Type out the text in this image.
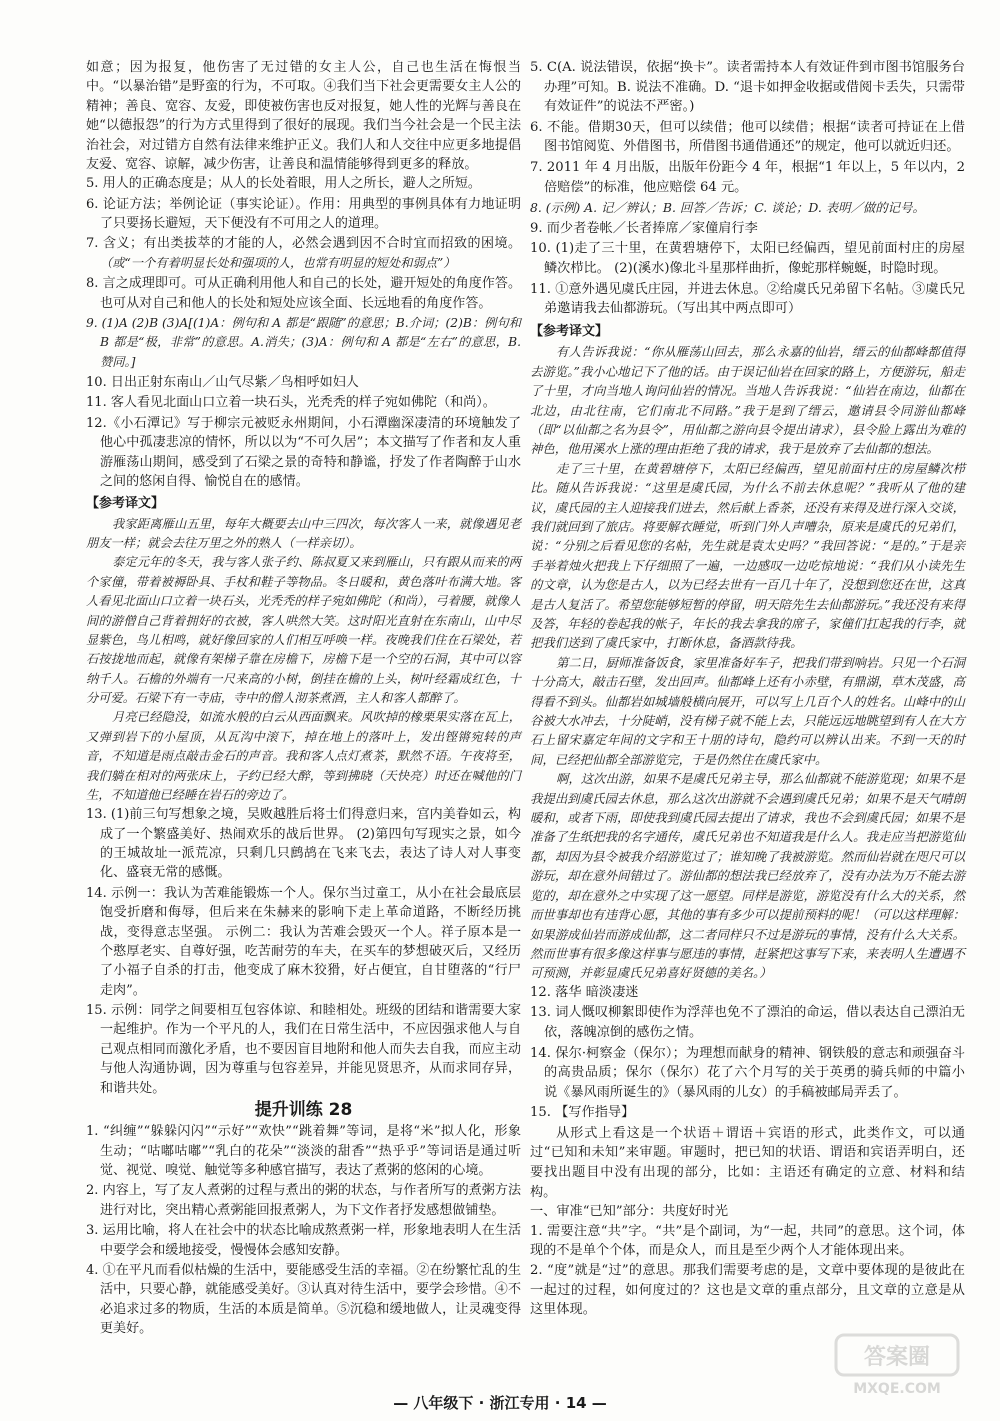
如意；因为报复，他伤害了无过错的女主人公，自己也生活在悔恨当中。“以暴治错”是野蛮的行为，不可取。④我们当下社会更需要女主人公的精神；善良、宽容、友爱，即使被伤害也反对报复，她人性的光辉与善良在她“以德报怨”的行为方式里得到了很好的展现。我们当今社会是一个民主法治社会，对过错方自然有法律来维护正义。我们人和人交往中应更多地提倡友爱、宽容、谅解，减少伤害，让善良和温情能够得到更多的释放。

5. 用人的正确态度是；从人的长处着眼，用人之所长，避人之所短。

6. 论证方法；举例论证（事实论证）。作用：用典型的事例具体有力地证明了只要扬长避短，天下便没有不可用之人的道理。

7. 含义；有出类拔萃的才能的人，必然会遇到因不合时宜而招致的困境。（或“一个有着明显长处和强项的人，也常有明显的短处和弱点”）

8. 言之成理即可。可从正确利用他人和自己的长处，避开短处的角度作答。也可从对自己和他人的长处和短处应该全面、长远地看的角度作答。

9. (1)A (2)B (3)A[(1)A：例句和 A 都是“跟随”的意思；B.介词；(2)B：例句和 B 都是“极，非常”的意思。A.消失；(3)A：例句和 A 都是“左右”的意思，B.赞同。]

10. 日出正射东南山／山气尽紫／鸟相呼如妇人

11. 客人看见北面山口立着一块石头，光秃秃的样子宛如佛陀（和尚）。

12.《小石潭记》写于柳宗元被贬永州期间，小石潭幽深凄清的环境触发了他心中孤凄悲凉的情怀，所以以为“不可久居”；本文描写了作者和友人重游雁荡山期间，感受到了石梁之景的奇特和静谧，抒发了作者陶醉于山水之间的悠闲自得、愉悦自在的感情。

【参考译文】

我家距离雁山五里，每年大概要去山中三四次，每次客人一来，就像遇见老朋友一样；就会去往万里之外的熟人（一样亲切）。

泰定元年的冬天，我与客人张子约、陈叔夏又来到雁山，只有跟从而来的两个家僮，带着被褥卧具、手杖和鞋子等物品。冬日暖和，黄色落叶布满大地。客人看见北面山口立着一块石头，光秃秃的样子宛如佛陀（和尚），弓着腰，就像人间的游僧自己背着拥好的衣被，客人哄然大笑。这时阳光直射在东南山，山中尽显紫色，鸟儿相鸣，就好像回家的人们相互呼唤一样。夜晚我们住在石梁处，若石按拢地而起，就像有架梯子靠在房檐下，房檐下是一个空的石洞，其中可以容纳千人。石檐的外端有一尺来高的小树，倒挂在檐的上头，树叶经霜成红色，十分可爱。石梁下有一寺庙，寺中的僧人沏茶煮酒，主人和客人都醉了。

月亮已经隐没，如流水般的白云从西面飘来。风吹掉的橡栗果实落在瓦上，又弹到岩下的小屋顶，从瓦沟中滚下，掉在地上的落叶上，发出铿锵宛转的声音，不知道是雨点敲击金石的声音。我和客人点灯煮茶，默然不语。午夜将至，我们躺在相对的两张床上，子约已经大醉，等到拂晓（天快亮）时还在喊他的门生，不知道他已经睡在岩石的旁边了。

13. (1)前三句写想象之境，吴败越胜后将士们得意归来，宫内美眷如云，构成了一个繁盛美好、热闹欢乐的战后世界。 (2)第四句写现实之景，如今的王城故址一派荒凉，只剩几只鹧鸪在飞来飞去，表达了诗人对人事变化、盛衰无常的感慨。

14. 示例一：我认为苦难能锻炼一个人。保尔当过童工，从小在社会最底层饱受折磨和侮辱，但后来在朱赫来的影响下走上革命道路，不断经历挑战，变得意志坚强。 示例二：我认为苦难会毁灭一个人。祥子原本是一个憨厚老实、自尊好强，吃苦耐劳的车夫，在买车的梦想破灭后，又经历了小福子自杀的打击，他变成了麻木狡猾，好占便宜，自甘堕落的“行尸走肉”。

15. 示例：同学之间要相互包容体谅、和睦相处。班级的团结和谐需要大家一起维护。作为一个平凡的人，我们在日常生活中，不应因强求他人与自己观点相同而激化矛盾，也不要因盲目地附和他人而失去自我，而应主动与他人沟通协调，因为尊重与包容差异，并能见贤思齐，从而求同存异，和谐共处。

提升训练 28

1. “纠缠”“躲躲闪闪”“示好”“欢快”“跳着舞”等词，是将“米”拟人化，形象生动；“咕嘟咕嘟”“乳白的花朵”“淡淡的甜香”“热乎乎”等词语是通过听觉、视觉、嗅觉、触觉等多种感官描写，表达了煮粥的悠闲的心境。

2. 内容上，写了友人煮粥的过程与煮出的粥的状态，与作者所写的煮粥方法进行对比，突出精心煮粥能回报煮粥人，为下文作者抒发感想做铺垫。

3. 运用比喻，将人在社会中的状态比喻成熬煮粥一样，形象地表明人在生活中要学会和缓地接受，慢慢体会感知安静。

4. ①在平凡而看似枯燥的生活中，要能感受生活的幸福。②在纷繁忙乱的生活中，只要心静，就能感受美好。③认真对待生活中，要学会珍惜。④不必追求过多的物质，生活的本质是简单。⑤沉稳和缓地做人，让灵魂变得更美好。

5. C(A. 说法错误，依据“换卡”。读者需持本人有效证件到市图书馆服务台办理”可知。B. 说法不准确。D. “退卡如押金收据或借阅卡丢失，只需带有效证件”的说法不严密。)

6. 不能。借期30天，但可以续借；他可以续借；根据“读者可持证在上借图书馆阅览、外借图书，所借图书通借通还”的规定，他可以就近归还。

7. 2011 年 4 月出版，出版年份距今 4 年，根据“1 年以上，5 年以内，2倍赔偿”的标准，他应赔偿 64 元。

8. (示例) A. 记／辨认；B. 回答／告诉；C. 谈论；D. 表明／做的记号。

9. 而少者卷帐／长者捧席／家僮肩行李

10. (1)走了三十里，在黄碧塘停下，太阳已经偏西，望见前面村庄的房屋鳞次栉比。 (2)(溪水)像北斗星那样曲折，像蛇那样蜿蜒，时隐时现。

11. ①意外遇见虞氏庄园，并进去休息。②给虞氏兄弟留下名帖。③虞氏兄弟邀请我去仙都游玩。（写出其中两点即可）

【参考译文】

有人告诉我说：“你从雁荡山回去，那么永嘉的仙岩，缙云的仙都峰都值得去游览。”我小心地记下了他的话。由于误记仙岩在回家的路上，方便游玩，船走了十里，才向当地人询问仙岩的情况。当地人告诉我说：“仙岩在南边，仙都在北边，由北往南，它们南北不同路。”我于是到了缙云，邀请县令同游仙都峰（即“以仙都之名为县令”，用仙都之游向县令提出请求），县令脸上露出为难的神色，他用溪水上涨的理由拒绝了我的请求，我于是放弃了去仙都的想法。

走了三十里，在黄碧塘停下，太阳已经偏西，望见前面村庄的房屋鳞次栉比。随从告诉我说：“这里是虞氏园，为什么不前去休息呢？”我听从了他的建议，虞氏园的主人迎接我们进去，然后献上香茶，还没有来得及进行深入交谈，我们就回到了旅店。将要解衣睡觉，听到门外人声嘈杂，原来是虞氏的兄弟们，说：“分别之后看见您的名帖，先生就是袁太史吗？”我回答说：“是的。”于是亲手举着烛火把我上下仔细照了一遍，一边感叹一边吃惊地说：“我们从小读先生的文章，认为您是古人，以为已经去世有一百几十年了，没想到您还在世，这真是古人复活了。希望您能够短暂的停留，明天陪先生去仙都游玩。”我还没有来得及答，年轻的卷起我的帐子，年长的我去拿我的席子，家僮们扛起我的行李，就把我们送到了虞氏家中，打断休息，备酒款待我。

第二日，厨师准备饭食，家里准备好车子，把我们带到响岩。只见一个石洞十分高大，敲击石壁，发出回声。仙都峰上还有小赤壁，有鼎湖，草木茂盛，高得看不到头。仙都岩如城墙般横向展开，可以写上几百个人的姓名。山峰中的山谷被大水冲去，十分陡峭，没有梯子就不能上去，只能远远地眺望到有人在大方石上留宋嘉定年间的文字和王十朋的诗句，隐约可以辨认出来。不到一天的时间，已经把仙都全部游览完，于是仍然住在虞氏家中。

啊，这次出游，如果不是虞氏兄弟主导，那么仙都就不能游览现；如果不是我提出到虞氏园去休息，那么这次出游就不会遇到虞氏兄弟；如果不是天气晴朗暖和，或者下雨，即使我到虞氏园去提出了请求，我也不会到虞氏园；如果不是准备了生纸把我的名字通传，虞氏兄弟也不知道我是什么人。我走应当把游览仙都，却因为县令被我介绍游览过了；谁知晚了我被游览。然而仙岩就在咫尺可以游玩，却在意外间错过了。游仙都的想法我已经放弃了，没有办法为万不能去游览的，却在意外之中实现了这一愿望。同样是游览，游览没有什么大的关系，然而世事却也有违背心愿，其他的事有多少可以提前预料的呢！（可以这样理解：如果游成仙岩而游成仙都，这二者同样只不过是游玩的事情，没有什么大关系。然而世事有很多像这样事与愿违的事情，赶紧把这事写下来，来表明人生遭遇不可预测，并彰显虞氏兄弟喜好贤德的美名。）

12. 落华 暗淡凄迷

13. 词人慨叹柳絮即使作为浮萍也免不了漂泊的命运，借以表达自己漂泊无依，落魄凉倒的感伤之情。

14. 保尔·柯察金（保尔）；为理想而献身的精神、钢铁般的意志和顽强奋斗的高贵品质；保尔（保尔）花了六个月写的关于英勇的骑兵师的中篇小说《暴风雨所诞生的》（暴风雨的儿女）的手稿被邮局弄丢了。

15. 【写作指导】

从形式上看这是一个状语＋谓语＋宾语的形式，此类作文，可以通过“已知和未知”来审题。审题时，把已知的状语、谓语和宾语弄明白，还要找出题目中没有出现的部分，比如：主语还有确定的立意、材料和结构。

一、审准“已知”部分：共度好时光

1. 需要注意“共”字。“共”是个副词，为“一起，共同”的意思。这个词，体现的不是单个个体，而是众人，而且是至少两个人才能体现出来。

2. “度”就是“过”的意思。那我们需要考虑的是，文章中要体现的是彼此在一起过的过程，如何度过的？这也是文章的重点部分，且文章的立意是从这里体现。

— 八年级下 · 浙江专用 · 14 —
答案圈
MXQE.COM
